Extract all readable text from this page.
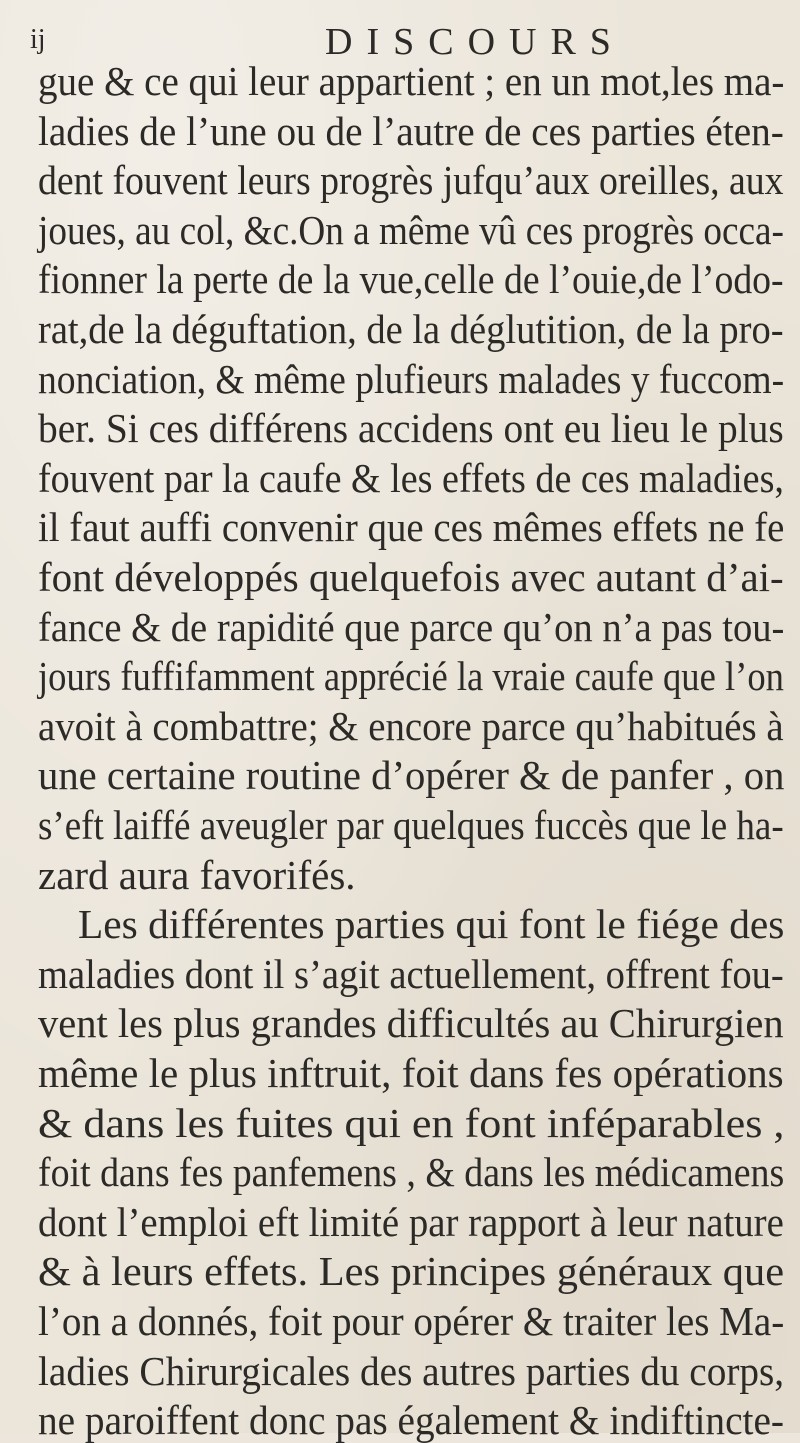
ij	DISCOURS
gue & ce qui leur appartient ; en un mot,les ma-
ladies de l’une ou de l’autre de ces parties éten-
dent fouvent leurs progrès jufqu’aux oreilles, aux
joues, au col, &c.On a même vû ces progrès occa-
fionner la perte de la vue,celle de l’ouie,de l’odo-
rat,de la déguftation, de la déglutition, de la pro-
nonciation, & même plufieurs malades y fuccom-
ber. Si ces différens accidens ont eu lieu le plus
fouvent par la caufe & les effets de ces maladies,
il faut auffi convenir que ces mêmes effets ne fe
font développés quelquefois avec autant d’ai-
fance & de rapidité que parce qu’on n’a pas tou-
jours fuffifamment apprécié la vraie caufe que l’on
avoit à combattre; & encore parce qu’habitués à
une certaine routine d’opérer & de panfer , on
s’eft laiffé aveugler par quelques fuccès que le ha-
zard aura favorifés.
Les différentes parties qui font le fiége des
maladies dont il s’agit actuellement, offrent fou-
vent les plus grandes difficultés au Chirurgien
même le plus inftruit, foit dans fes opérations
& dans les fuites qui en font inféparables ,
foit dans fes panfemens , & dans les médicamens
dont l’emploi eft limité par rapport à leur nature
& à leurs effets. Les principes généraux que
l’on a donnés, foit pour opérer & traiter les Ma-
ladies Chirurgicales des autres parties du corps,
ne paroiffent donc pas également & indiftincte-
